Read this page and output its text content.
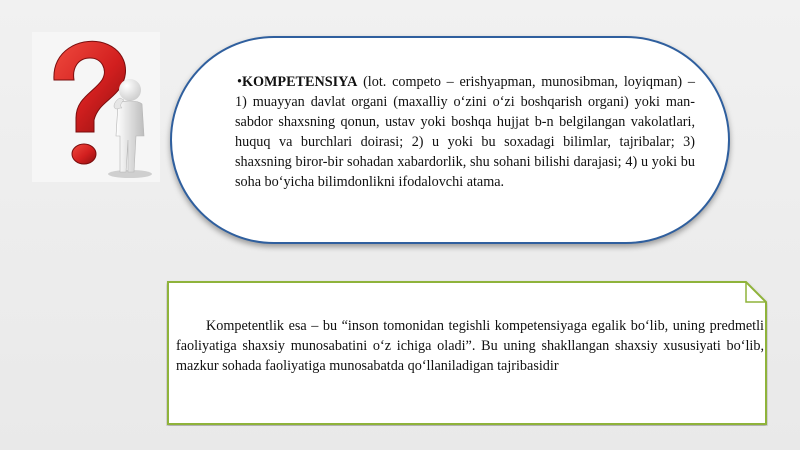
•KOMPETENSIYA (lot. competo – erishyapman, munosibman, loyiqman) – 1) muayyan davlat organi (maxalliy o‘zini o‘zi boshqarish organi) yoki man-sabdor shaxsning qonun, ustav yoki boshqa hujjat b-n belgilangan vakolatlari, huquq va burchlari doirasi; 2) u yoki bu soxadagi bilimlar, tajribalar; 3) shaxsning biror-bir sohadan xabardorlik, shu sohani bilishi darajasi; 4) u yoki bu soha bo‘yicha bilimdonlikni ifodalovchi atama.
Kompetentlik esa – bu “inson tomonidan tegishli kompetensiyaga egalik bo‘lib, uning predmetli faoliyatiga shaxsiy munosabatini o‘z ichiga oladi”. Bu uning shakllangan shaxsiy xususiyati bo‘lib, mazkur sohada faoliyatiga munosabatda qo‘llaniladigan tajribasidir
